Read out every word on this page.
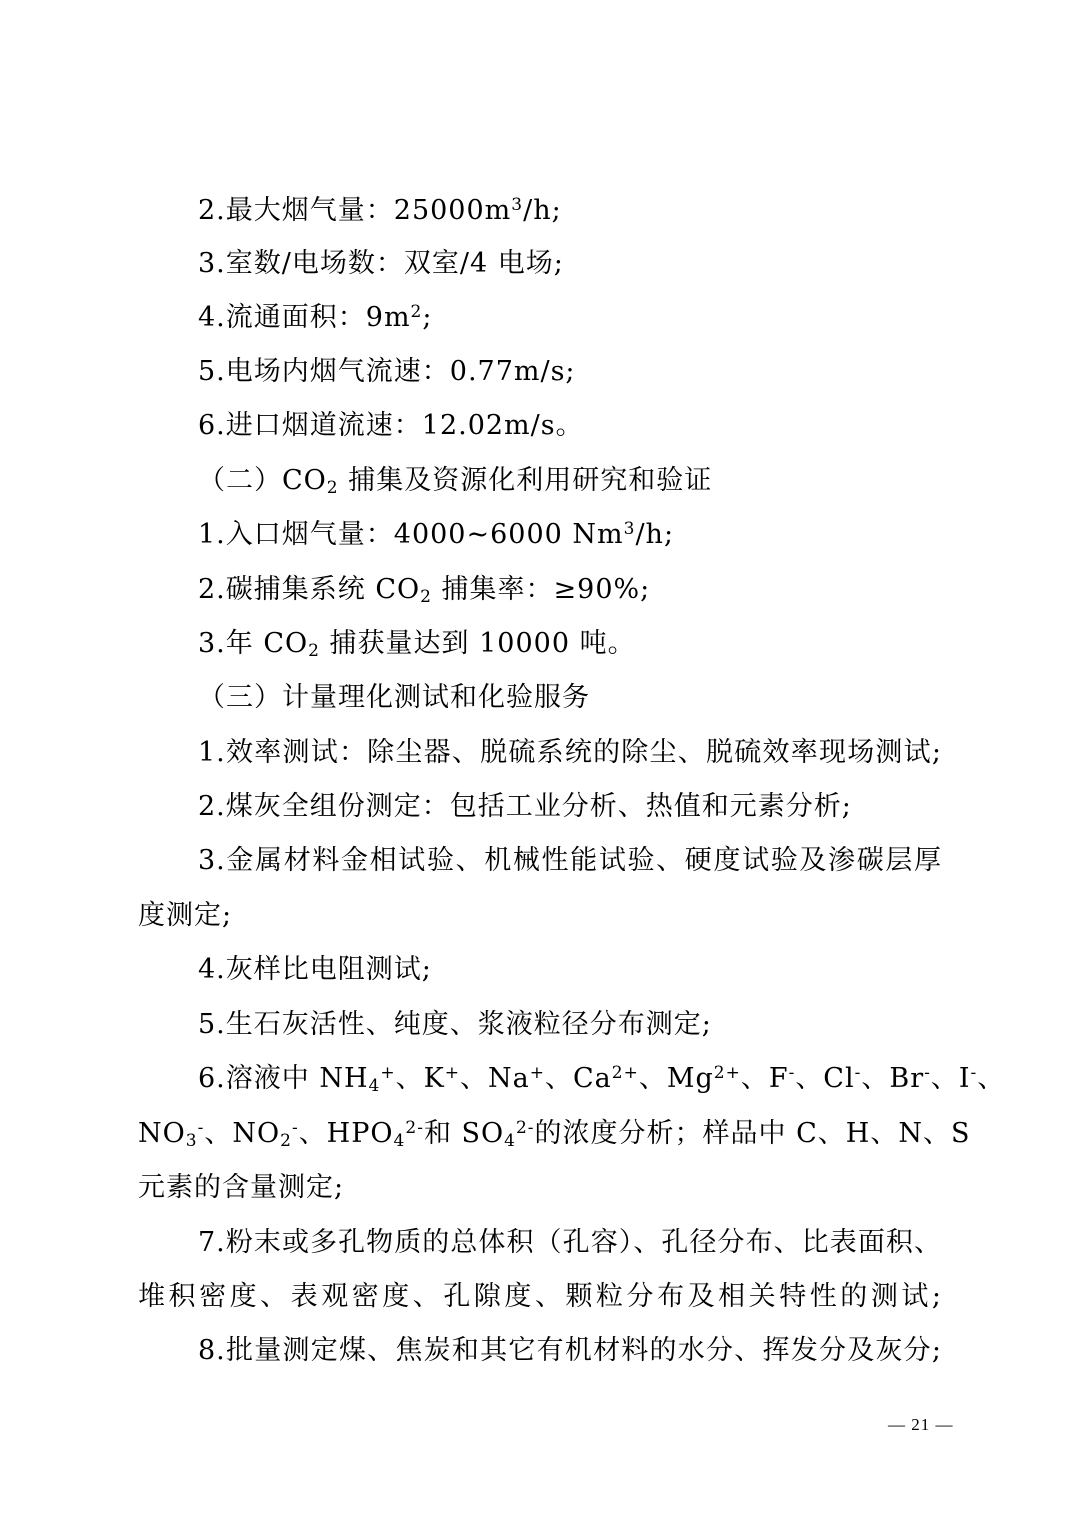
2.最大烟气量：$25000m^3/h$;
3.室数/电场数：双室/4 电场;
4.流通面积：$9m^2$;
5.电场内烟气流速：0.77m/s;
6.进口烟道流速：12.02m/s。
（二）$CO_2$ 捕集及资源化利用研究和验证
1.入口烟气量：4000~6000 Nm$^3$/h;
2.碳捕集系统 $CO_2$ 捕集率：≥90%;
3.年 $CO_2$ 捕获量达到 10000 吨。
（三）计量理化测试和化验服务
1.效率测试：除尘器、脱硫系统的除尘、脱硫效率现场测试;
2.煤灰全组份测定：包括工业分析、热值和元素分析;
3.金属材料金相试验、机械性能试验、硬度试验及渗碳层厚
度测定;
4.灰样比电阻测试;
5.生石灰活性、纯度、浆液粒径分布测定;
6.溶液中 $NH_4^+$、K+、Na+、$Ca^{2+}$、$Mg^{2+}$、F-、Cl-、Br-、I-、
$NO_3^-$、$NO_2^-$、$HPO_4^{2-}$和 $SO_4^{2-}$的浓度分析；样品中 C、H、N、S
元素的含量测定;
7.粉末或多孔物质的总体积（孔容）、孔径分布、比表面积、
堆积密度、表观密度、孔隙度、颗粒分布及相关特性的测试;
8.批量测定煤、焦炭和其它有机材料的水分、挥发分及灰分;
— 21 —
